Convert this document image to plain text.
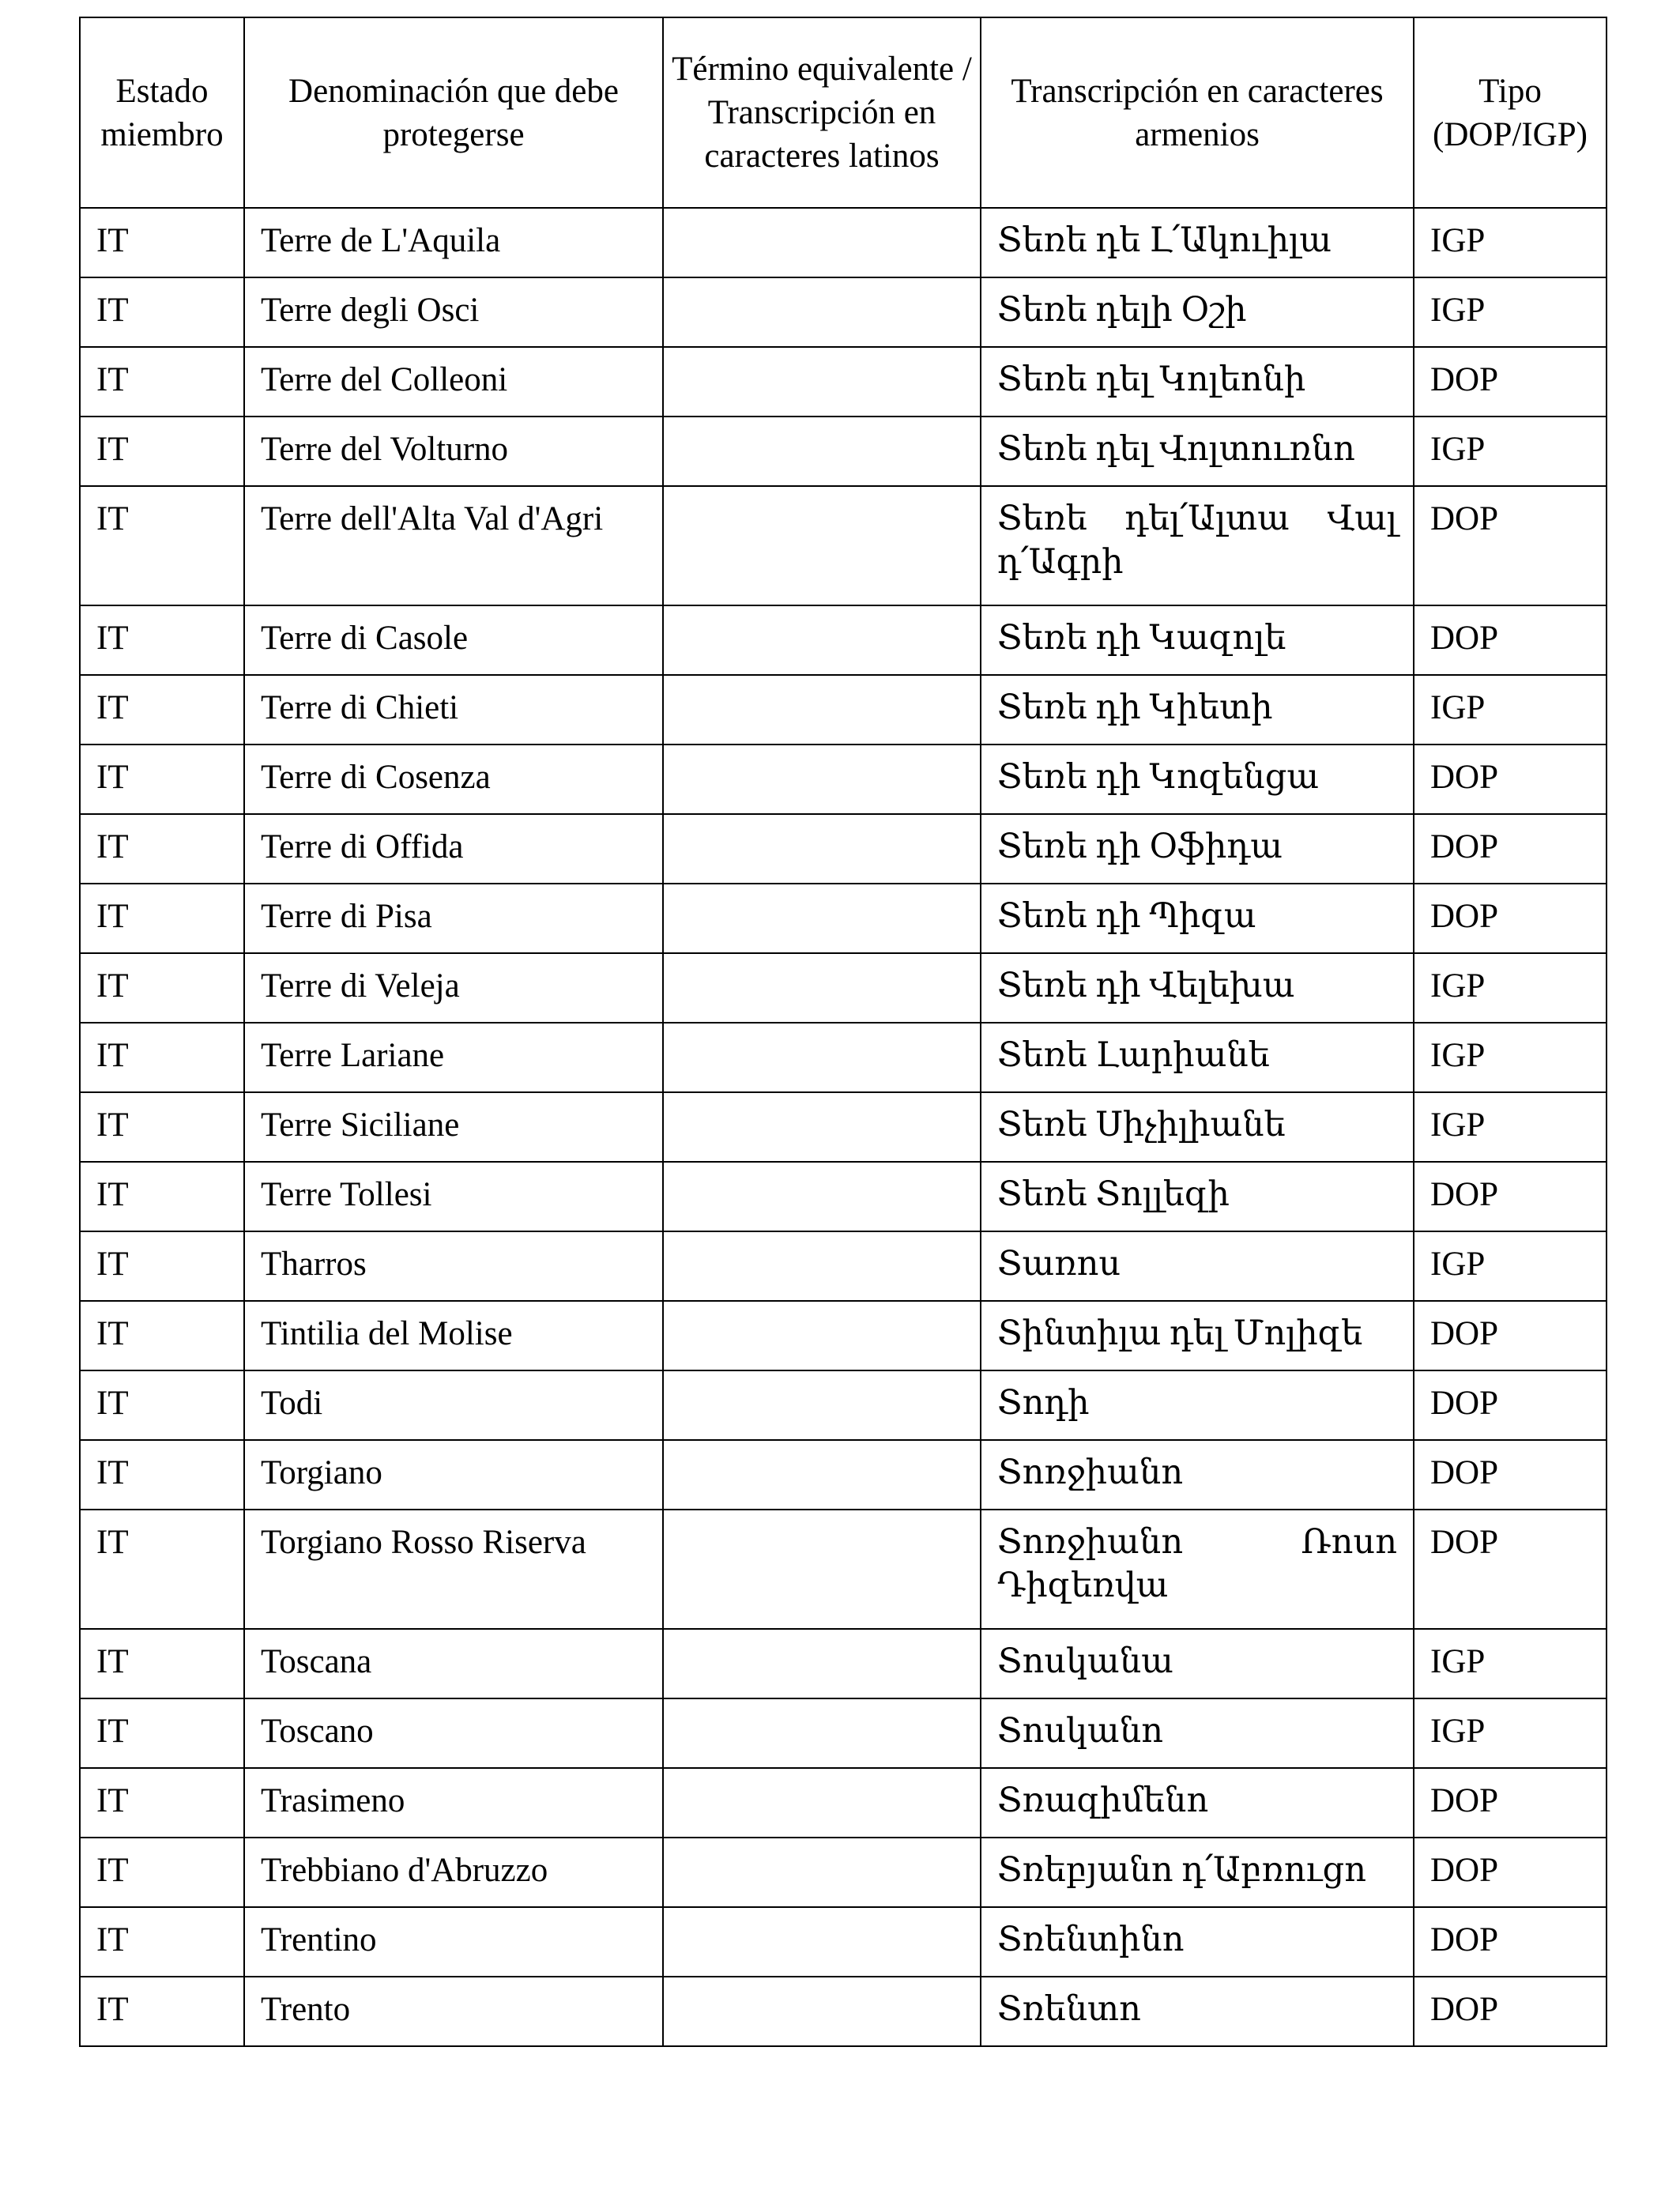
Estado miembro	Denominación que debe protegerse	Término equivalente / Transcripción en caracteres latinos	Transcripción en caracteres armenios	Tipo (DOP/IGP)
IT	Terre de L'Aquila		Տեռե դե Լ՛Ակուիլա	IGP
IT	Terre degli Osci		Տեռե դելի Օշի	IGP
IT	Terre del Colleoni		Տեռե դել Կոլեոնի	DOP
IT	Terre del Volturno		Տեռե դել Վոլտուռնո	IGP
IT	Terre dell'Alta Val d'Agri		Տեռե դել՛Ալտա Վալ դ՛Ագրի	DOP
IT	Terre di Casole		Տեռե դի Կազոլե	DOP
IT	Terre di Chieti		Տեռե դի Կիետի	IGP
IT	Terre di Cosenza		Տեռե դի Կոզենցա	DOP
IT	Terre di Offida		Տեռե դի Օֆիդա	DOP
IT	Terre di Pisa		Տեռե դի Պիզա	DOP
IT	Terre di Veleja		Տեռե դի Վելեխա	IGP
IT	Terre Lariane		Տեռե Լարիանե	IGP
IT	Terre Siciliane		Տեռե Սիչիլիանե	IGP
IT	Terre Tollesi		Տեռե Տոլլեզի	DOP
IT	Tharros		Տառոս	IGP
IT	Tintilia del Molise		Տինտիլա դել Մոլիզե	DOP
IT	Todi		Տոդի	DOP
IT	Torgiano		Տոռջիանո	DOP
IT	Torgiano Rosso Riserva		Տոռջիանո Ռոսո Դիզեռվա	DOP
IT	Toscana		Տոսկանա	IGP
IT	Toscano		Տոսկանո	IGP
IT	Trasimeno		Տռազիմենո	DOP
IT	Trebbiano d'Abruzzo		Տռեբյանո դ՛Աբռուցո	DOP
IT	Trentino		Տռենտինո	DOP
IT	Trento		Տռենտո	DOP
